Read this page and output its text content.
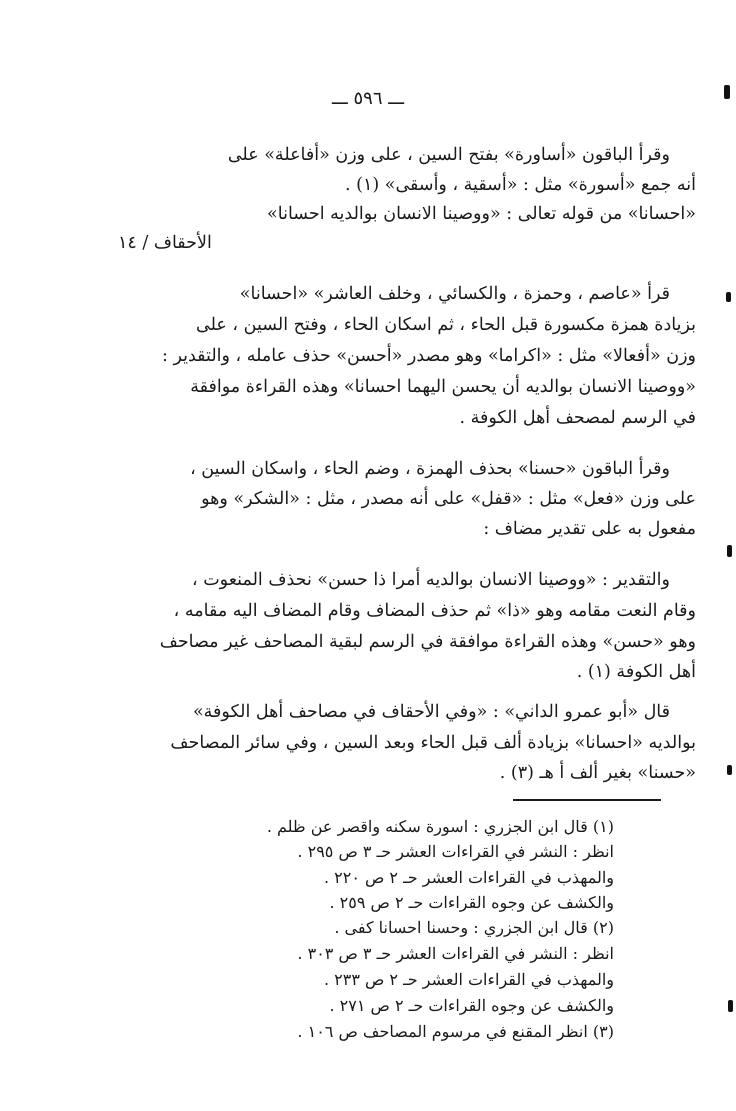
ـــ ٥٩٦ ـــ
وقرأ الباقون «أساورة» بفتح السين ، على وزن «أفاعلة» على
أنه جمع «أسورة» مثل : «أسقية ، وأسقى» (١) .
«احسانا» من قوله تعالى : «ووصينا الانسان بوالديه احسانا»
الأحقاف / ١٤
قرأ «عاصم ، وحمزة ، والكسائي ، وخلف العاشر» «احسانا»
بزيادة همزة مكسورة قبل الحاء ، ثم اسكان الحاء ، وفتح السين ، على
وزن «أفعالا» مثل : «اكراما» وهو مصدر «أحسن» حذف عامله ، والتقدير :
«ووصينا الانسان بوالديه أن يحسن اليهما احسانا» وهذه القراءة موافقة
في الرسم لمصحف أهل الكوفة .
وقرأ الباقون «حسنا» بحذف الهمزة ، وضم الحاء ، واسكان السين ،
على وزن «فعل» مثل : «قفل» على أنه مصدر ، مثل : «الشكر» وهو
مفعول به على تقدير مضاف :
والتقدير : «ووصينا الانسان بوالديه أمرا ذا حسن» نحذف المنعوت ،
وقام النعت مقامه وهو «ذا» ثم حذف المضاف وقام المضاف اليه مقامه ،
وهو «حسن» وهذه القراءة موافقة في الرسم لبقية المصاحف غير مصاحف
أهل الكوفة (١) .
قال «أبو عمرو الداني» : «وفي الأحقاف في مصاحف أهل الكوفة»
بوالديه «احسانا» بزيادة ألف قبل الحاء وبعد السين ، وفي سائر المصاحف
«حسنا» بغير ألف أ هـ (٣) .
(١) قال ابن الجزري : اسورة سكنه واقصر عن ظلم .
انظر : النشر في القراءات العشر حـ ٣ ص ٢٩٥ .
والمهذب في القراءات العشر حـ ٢ ص ٢٢٠ .
والكشف عن وجوه القراءات حـ ٢ ص ٢٥٩ .
(٢) قال ابن الجزري : وحسنا احسانا كفى .
انظر : النشر في القراءات العشر حـ ٣ ص ٣٠٣ .
والمهذب في القراءات العشر حـ ٢ ص ٢٣٣ .
والكشف عن وجوه القراءات حـ ٢ ص ٢٧١ .
(٣) انظر المقنع في مرسوم المصاحف ص ١٠٦ .
